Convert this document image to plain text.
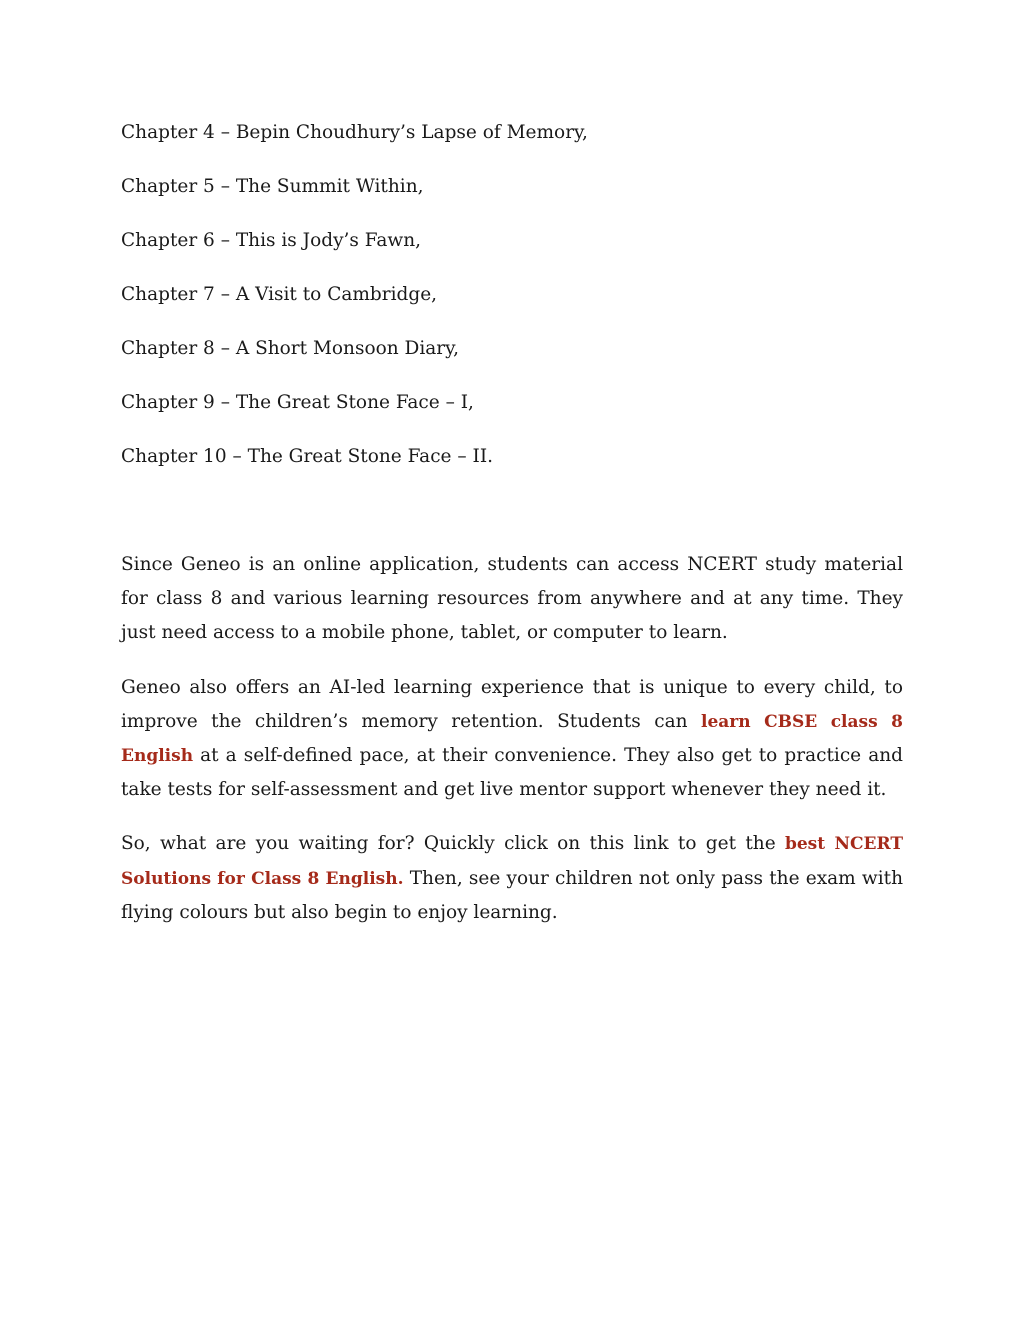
Chapter 4 – Bepin Choudhury’s Lapse of Memory,
Chapter 5 – The Summit Within,
Chapter 6 – This is Jody’s Fawn,
Chapter 7 – A Visit to Cambridge,
Chapter 8 – A Short Monsoon Diary,
Chapter 9 – The Great Stone Face – I,
Chapter 10 – The Great Stone Face – II.

Since Geneo is an online application, students can access NCERT study material for class 8 and various learning resources from anywhere and at any time. They just need access to a mobile phone, tablet, or computer to learn.

Geneo also offers an AI-led learning experience that is unique to every child, to improve the children’s memory retention. Students can learn CBSE class 8 English at a self-defined pace, at their convenience. They also get to practice and take tests for self-assessment and get live mentor support whenever they need it.

So, what are you waiting for? Quickly click on this link to get the best NCERT Solutions for Class 8 English. Then, see your children not only pass the exam with flying colours but also begin to enjoy learning.
